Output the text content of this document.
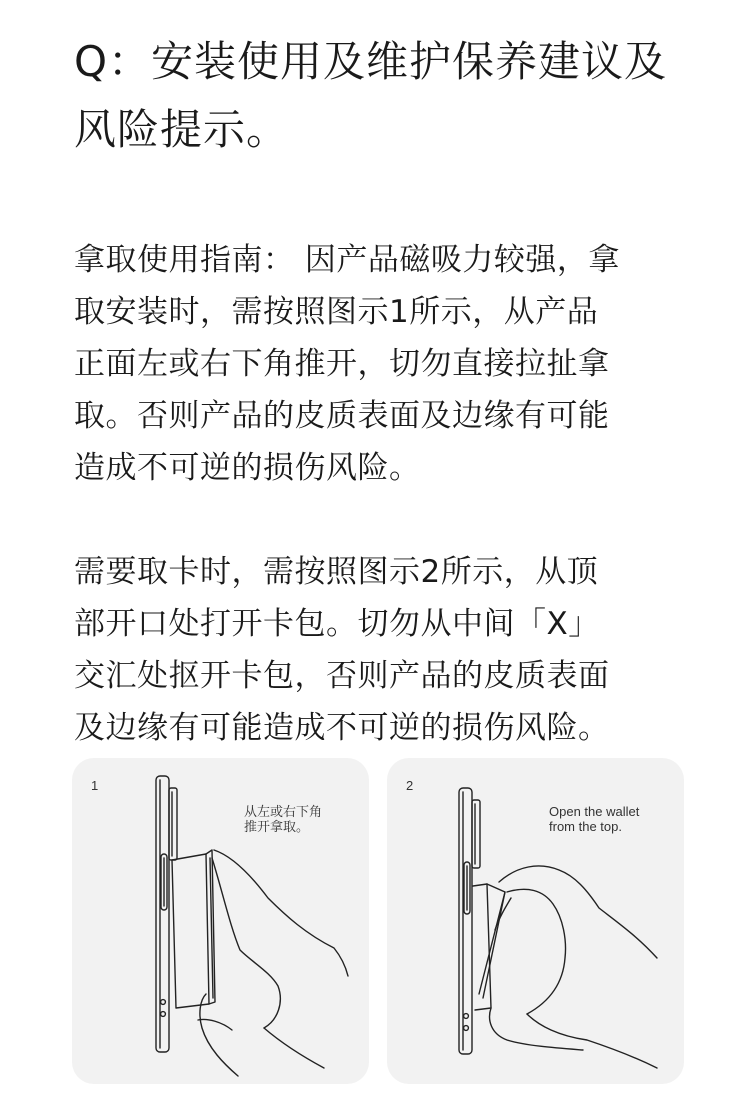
Q：安装使用及维护保养建议及
风险提示。

拿取使用指南： 因产品磁吸力较强，拿
取安装时，需按照图示1所示，从产品
正面左或右下角推开，切勿直接拉扯拿
取。否则产品的皮质表面及边缘有可能
造成不可逆的损伤风险。

需要取卡时，需按照图示2所示，从顶
部开口处打开卡包。切勿从中间「X」
交汇处抠开卡包，否则产品的皮质表面
及边缘有可能造成不可逆的损伤风险。

1
从左或右下角
推开拿取。
2
Open the wallet
from the top.
